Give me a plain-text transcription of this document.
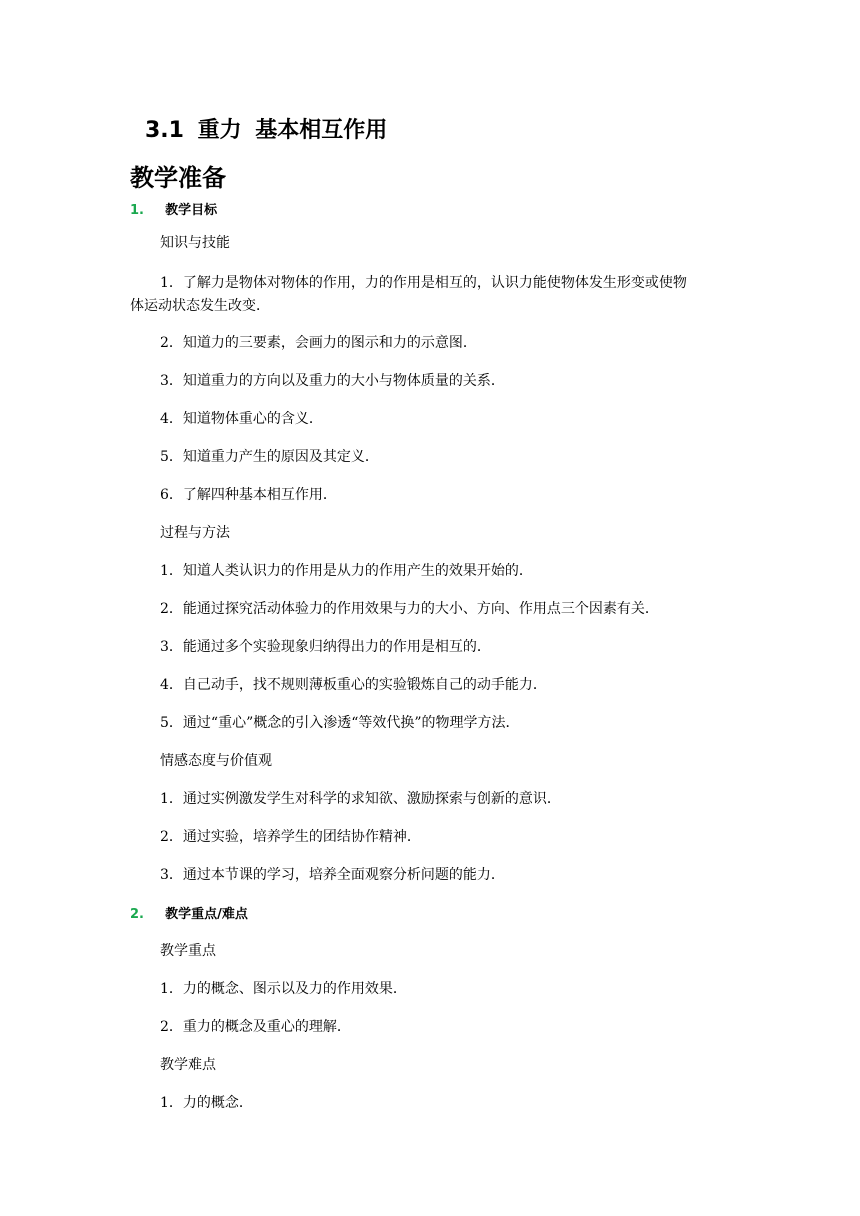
3.1 重力 基本相互作用
教学准备
1. 教学目标
知识与技能
1．了解力是物体对物体的作用，力的作用是相互的，认识力能使物体发生形变或使物
体运动状态发生改变．
2．知道力的三要素，会画力的图示和力的示意图．
3．知道重力的方向以及重力的大小与物体质量的关系．
4．知道物体重心的含义．
5．知道重力产生的原因及其定义．
6．了解四种基本相互作用．
过程与方法
1．知道人类认识力的作用是从力的作用产生的效果开始的．
2．能通过探究活动体验力的作用效果与力的大小、方向、作用点三个因素有关．
3．能通过多个实验现象归纳得出力的作用是相互的．
4．自己动手，找不规则薄板重心的实验锻炼自己的动手能力．
5．通过“重心”概念的引入渗透“等效代换”的物理学方法．
情感态度与价值观
1．通过实例激发学生对科学的求知欲、激励探索与创新的意识．
2．通过实验，培养学生的团结协作精神．
3．通过本节课的学习，培养全面观察分析问题的能力．
2. 教学重点/难点
教学重点
1．力的概念、图示以及力的作用效果．
2．重力的概念及重心的理解．
教学难点
1．力的概念．
